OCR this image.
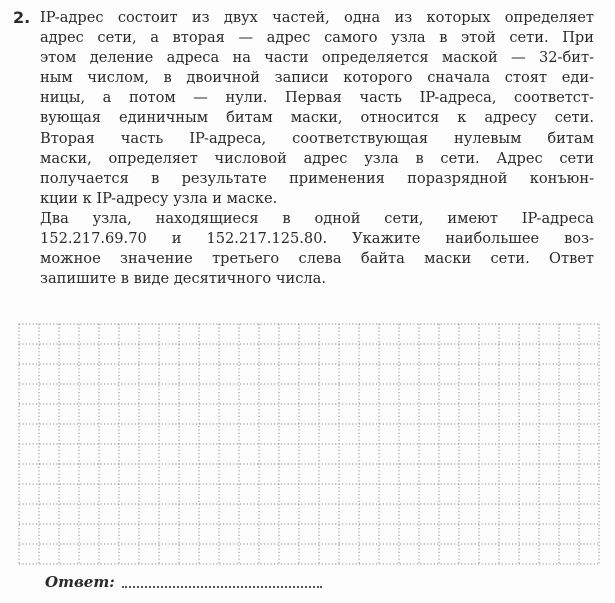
2. IP-адрес состоит из двух частей, одна из которых определяет
адрес сети, а вторая — адрес самого узла в этой сети. При
этом деление адреса на части определяется маской — 32-бит-
ным числом, в двоичной записи которого сначала стоят еди-
ницы, а потом — нули. Первая часть IP-адреса, соответст-
вующая единичным битам маски, относится к адресу сети.
Вторая часть IP-адреса, соответствующая нулевым битам
маски, определяет числовой адрес узла в сети. Адрес сети
получается в результате применения поразрядной конъюн-
кции к IP-адресу узла и маске.
Два узла, находящиеся в одной сети, имеют IP-адреса
152.217.69.70 и 152.217.125.80. Укажите наибольшее воз-
можное значение третьего слева байта маски сети. Ответ
запишите в виде десятичного числа.
Ответ:
